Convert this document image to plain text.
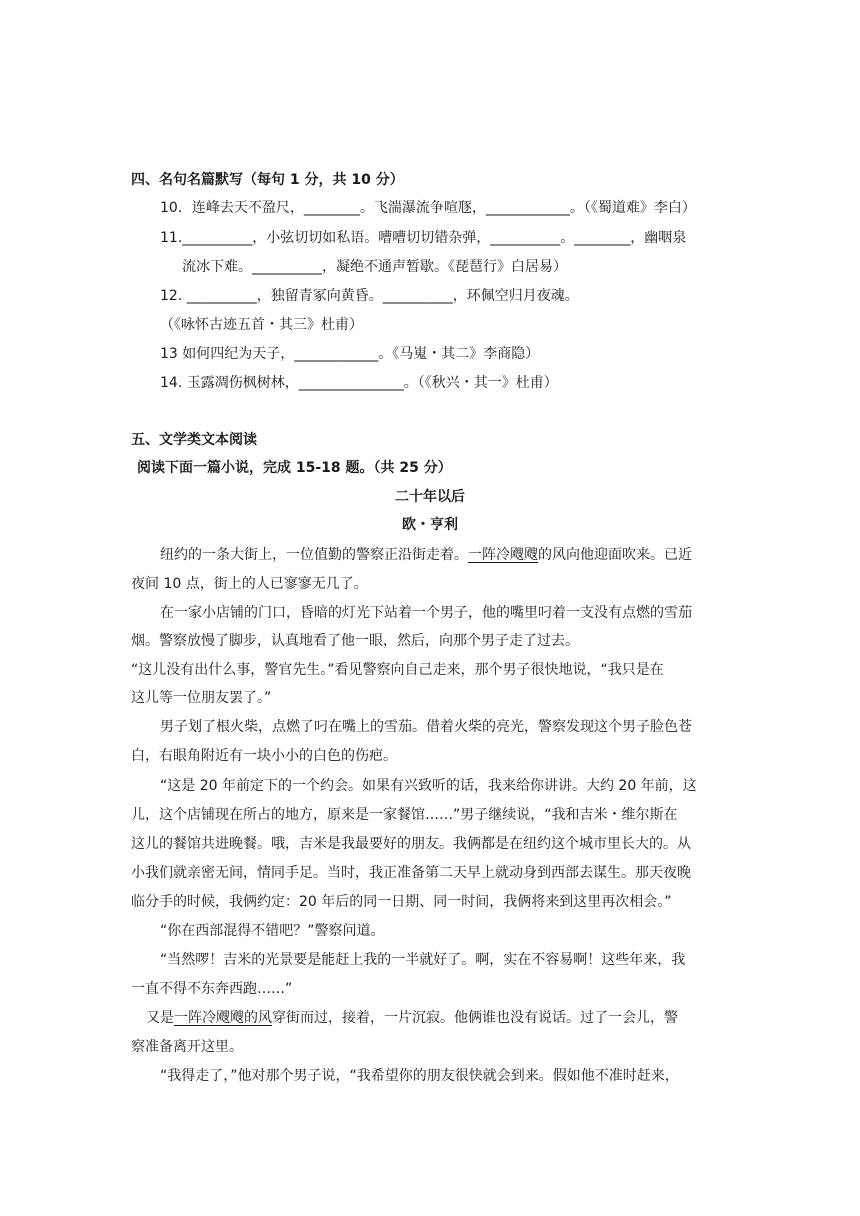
四、名句名篇默写（每句 1 分，共 10 分）
10．连峰去天不盈尺，________。飞湍瀑流争喧豗，____________。（《蜀道难》李白）
11.__________，小弦切切如私语。嘈嘈切切错杂弹，__________。________，幽咽泉
流冰下难。__________，凝绝不通声暂歇。《琵琶行》白居易）
12. __________，独留青冢向黄昏。__________，环佩空归月夜魂。
（《咏怀古迹五首・其三》杜甫）
13 如何四纪为天子，____________。《马嵬・其二》李商隐）
14. 玉露凋伤枫树林，_______________。（《秋兴・其一》杜甫）
五、文学类文本阅读
阅读下面一篇小说，完成 15-18 题。（共 25 分）
二十年以后
欧・亨利
纽约的一条大街上，一位值勤的警察正沿街走着。一阵冷飕飕的风向他迎面吹来。已近
夜间 10 点，街上的人已寥寥无几了。
在一家小店铺的门口，昏暗的灯光下站着一个男子，他的嘴里叼着一支没有点燃的雪茄
烟。警察放慢了脚步，认真地看了他一眼，然后，向那个男子走了过去。
“这儿没有出什么事，警官先生。”看见警察向自己走来，那个男子很快地说，“我只是在
这儿等一位朋友罢了。”
男子划了根火柴，点燃了叼在嘴上的雪茄。借着火柴的亮光，警察发现这个男子脸色苍
白，右眼角附近有一块小小的白色的伤疤。
“这是 20 年前定下的一个约会。如果有兴致听的话，我来给你讲讲。大约 20 年前，这
儿，这个店铺现在所占的地方，原来是一家餐馆……”男子继续说，“我和吉米・维尔斯在
这儿的餐馆共进晚餐。哦，吉米是我最要好的朋友。我俩都是在纽约这个城市里长大的。从
小我们就亲密无间，情同手足。当时，我正准备第二天早上就动身到西部去谋生。那天夜晚
临分手的时候，我俩约定：20 年后的同一日期、同一时间，我俩将来到这里再次相会。”
“你在西部混得不错吧？”警察问道。
“当然啰！吉米的光景要是能赶上我的一半就好了。啊，实在不容易啊！这些年来，我
一直不得不东奔西跑……”
又是一阵冷飕飕的风穿街而过，接着，一片沉寂。他俩谁也没有说话。过了一会儿，警
察准备离开这里。
“我得走了，”他对那个男子说，“我希望你的朋友很快就会到来。假如他不准时赶来，
